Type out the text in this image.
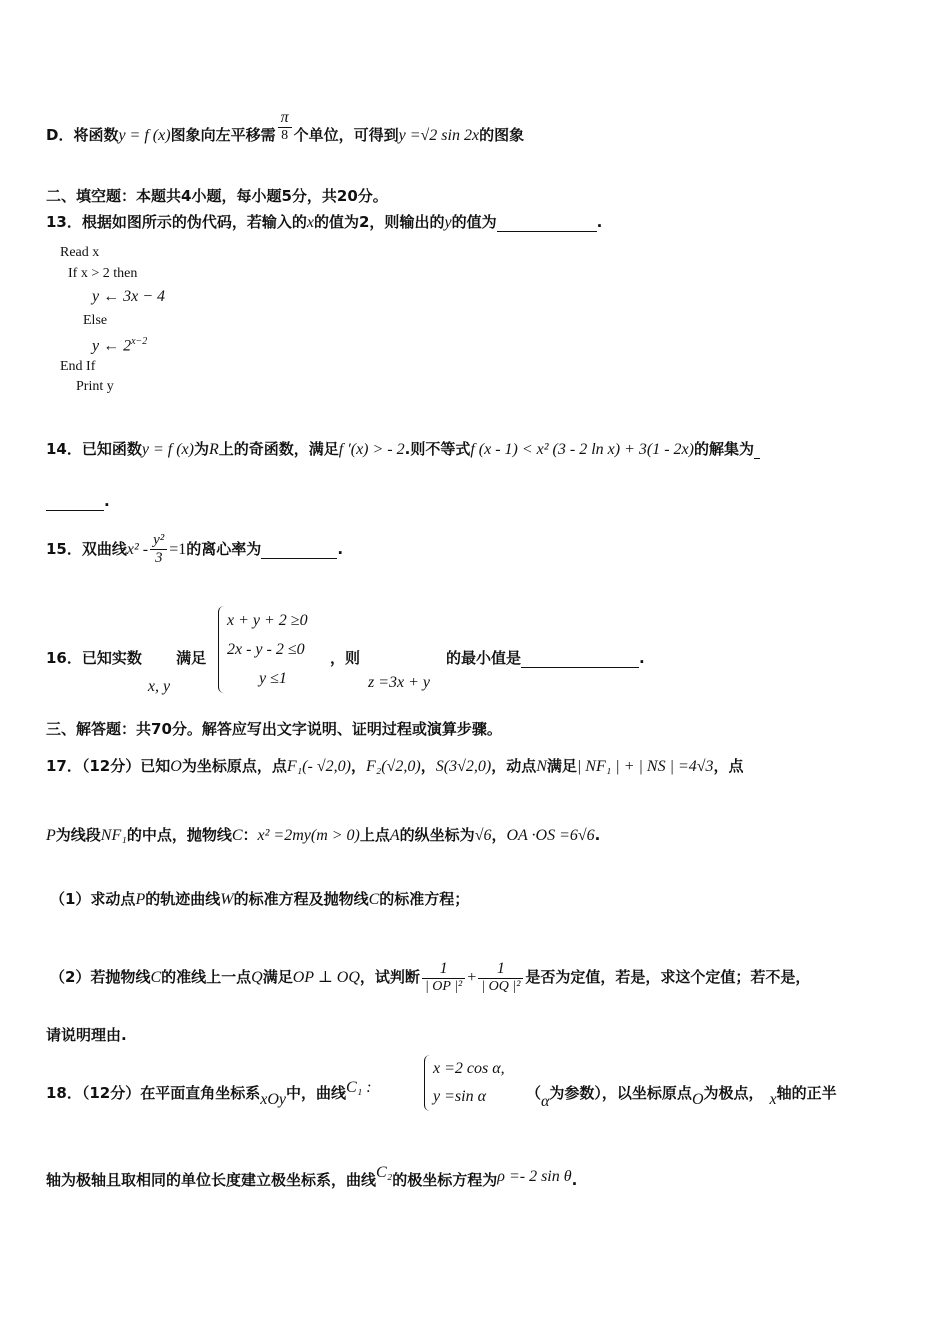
D．将函数y = f (x)图象向左平移需 $\frac{\pi}{8}$ 个单位，可得到y =√2 sin 2x的图象
二、填空题：本题共4小题，每小题5分，共20分。
13．根据如图所示的伪代码，若输入的x的值为2，则输出的y的值为	.
Read x
If x > 2 then
y ← 3x − 4
Else
y ← $2^{x-2}$
End If
Print y
14．已知函数y = f (x)为R上的奇函数，满足f ′(x) > - 2.则不等式f (x - 1) < x² (3 - 2 ln x) + 3(1 - 2x)的解集为
.
15．双曲线$x^2 - \frac{\text{y²}}{3} =1$的离心率为	.
16．已知实数x, y满足
x + y + 2 ≥0
2x - y - 2 ≤0
y ≤1
，则
z =3x + y
的最小值是	.
三、解答题：共70分。解答应写出文字说明、证明过程或演算步骤。
17．（12分）已知O为坐标原点，点F₁(- √2,0)，F₂(√2,0)，S(3√2,0)，动点N满足| NF₁ | + | NS | =4√3，点
P为线段NF₁的中点，抛物线C：x² =2my(m > 0)上点A的纵坐标为√6，OA ·OS =6√6.
（1）求动点P的轨迹曲线W的标准方程及抛物线C的标准方程；
（2）若抛物线C的准线上一点Q满足OP ⊥ OQ，试判断 $\frac{1}{\text{| OP |²}} + \frac{1}{\text{| OQ |²}}$ 是否为定值，若是，求这个定值；若不是，
请说明理由.
18．（12分）在平面直角坐标系xOy中，曲线C₁ :
x =2 cos α,
y =sin α	（α为参数），以坐标原点O为极点， x轴的正半
轴为极轴且取相同的单位长度建立极坐标系，曲线C₂的极坐标方程为ρ =- 2 sin θ.
